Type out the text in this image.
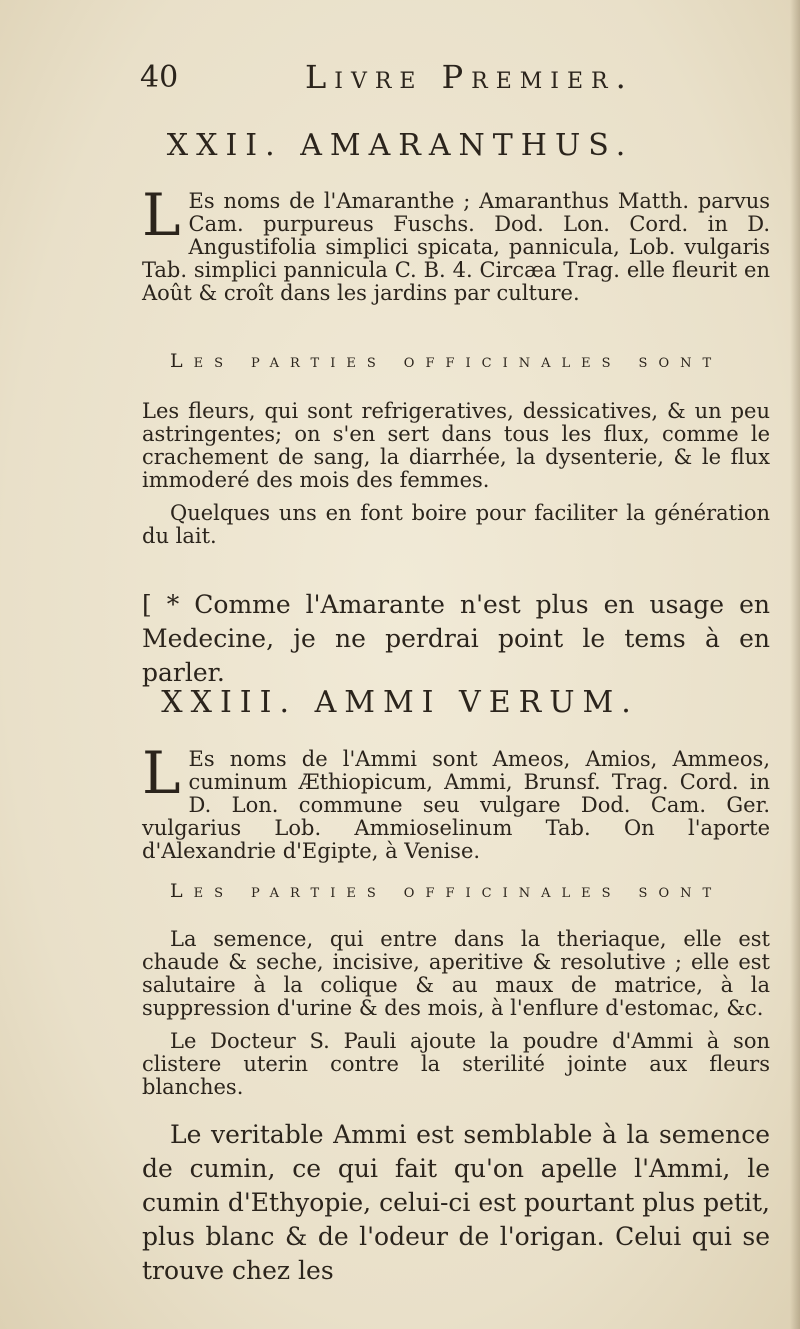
40	Livre Premier.
XXII. AMARANTHUS.
L Es noms de l'Amaranthe ; Amaranthus Matth. parvus Cam. purpureus Fuschs. Dod. Lon. Cord. in D. Angustifolia simplici spicata, pannicula, Lob. vulgaris Tab. simplici pannicula C. B. 4. Circæa Trag. elle fleurit en Août & croît dans les jardins par culture.
Les parties officinales sont
Les fleurs, qui sont refrigeratives, dessicatives, & un peu astringentes; on s'en sert dans tous les flux, comme le crachement de sang, la diarrhée, la dysenterie, & le flux immoderé des mois des femmes.
Quelques uns en font boire pour faciliter la génération du lait.
[ * Comme l'Amarante n'est plus en usage en Medecine, je ne perdrai point le tems à en parler.
XXIII. AMMI VERUM.
L Es noms de l'Ammi sont Ameos, Amios, Ammeos, cuminum Æthiopicum, Ammi, Brunsf. Trag. Cord. in D. Lon. commune seu vulgare Dod. Cam. Ger. vulgarius Lob. Ammioselinum Tab. On l'aporte d'Alexandrie d'Egipte, à Venise.
Les parties officinales sont
La semence, qui entre dans la theriaque, elle est chaude & seche, incisive, aperitive & resolutive ; elle est salutaire à la colique & au maux de matrice, à la suppression d'urine & des mois, à l'enflure d'estomac, &c.
Le Docteur S. Pauli ajoute la poudre d'Ammi à son clistere uterin contre la sterilité jointe aux fleurs blanches.
Le veritable Ammi est semblable à la semence de cumin, ce qui fait qu'on apelle l'Ammi, le cumin d'Ethyopie, celui-ci est pourtant plus petit, plus blanc & de l'odeur de l'origan. Celui qui se trouve chez les
